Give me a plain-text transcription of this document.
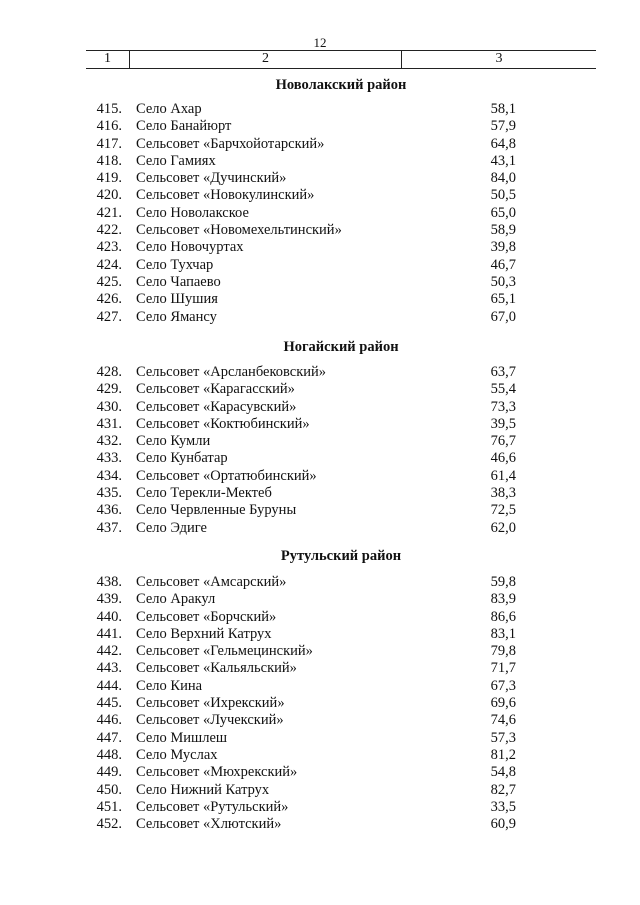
12
1	2	3
Новолакский район
415. Село Ахар	58,1
416. Село Банайюрт	57,9
417. Сельсовет «Барчхойотарский»	64,8
418. Село Гамиях	43,1
419. Сельсовет «Дучинский»	84,0
420. Сельсовет «Новокулинский»	50,5
421. Село Новолакское	65,0
422. Сельсовет «Новомехельтинский»	58,9
423. Село Новочуртах	39,8
424. Село Тухчар	46,7
425. Село Чапаево	50,3
426. Село Шушия	65,1
427. Село Ямансу	67,0
Ногайский район
428. Сельсовет «Арсланбековский»	63,7
429. Сельсовет «Карагасский»	55,4
430. Сельсовет «Карасувский»	73,3
431. Сельсовет «Коктюбинский»	39,5
432. Село Кумли	76,7
433. Село Кунбатар	46,6
434. Сельсовет «Ортатюбинский»	61,4
435. Село Терекли-Мектеб	38,3
436. Село Червленные Буруны	72,5
437. Село Эдиге	62,0
Рутульский район
438. Сельсовет «Амсарский»	59,8
439. Село Аракул	83,9
440. Сельсовет «Борчский»	86,6
441. Село Верхний Катрух	83,1
442. Сельсовет «Гельмецинский»	79,8
443. Сельсовет «Кальяльский»	71,7
444. Село Кина	67,3
445. Сельсовет «Ихрекский»	69,6
446. Сельсовет «Лучекский»	74,6
447. Село Мишлеш	57,3
448. Село Муслах	81,2
449. Сельсовет «Мюхрекский»	54,8
450. Село Нижний Катрух	82,7
451. Сельсовет «Рутульский»	33,5
452. Сельсовет «Хлютский»	60,9
